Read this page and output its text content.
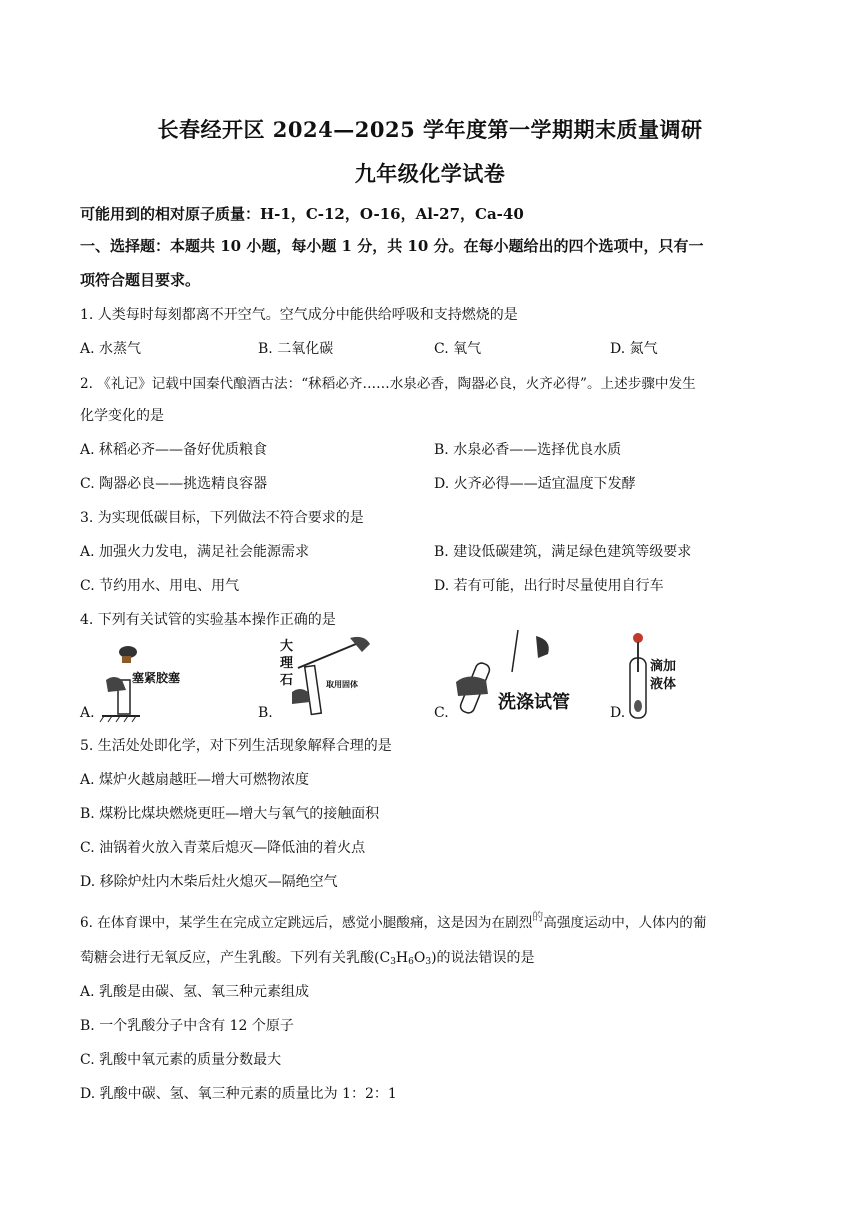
长春经开区 2024—2025 学年度第一学期期末质量调研
九年级化学试卷
可能用到的相对原子质量：H-1，C-12，O-16，Al-27，Ca-40
一、选择题：本题共 10 小题，每小题 1 分，共 10 分。在每小题给出的四个选项中，只有一
项符合题目要求。
1. 人类每时每刻都离不开空气。空气成分中能供给呼吸和支持燃烧的是
A. 水蒸气	B. 二氧化碳	C. 氧气	D. 氮气
2. 《礼记》记载中国秦代酿酒古法：“秫稻必齐……水泉必香，陶器必良，火齐必得”。上述步骤中发生
化学变化的是
A. 秫稻必齐——备好优质粮食	B. 水泉必香——选择优良水质
C. 陶器必良——挑选精良容器	D. 火齐必得——适宜温度下发酵
3. 为实现低碳目标，下列做法不符合要求的是
A. 加强火力发电，满足社会能源需求	B. 建设低碳建筑，满足绿色建筑等级要求
C. 节约用水、用电、用气	D. 若有可能，出行时尽量使用自行车
4. 下列有关试管的实验基本操作正确的是
A.	B.	C.	D.
塞紧胶塞
大
理
石	取用固体
洗涤试管
滴加
液体
5. 生活处处即化学，对下列生活现象解释合理的是
A. 煤炉火越扇越旺—增大可燃物浓度
B. 煤粉比煤块燃烧更旺—增大与氧气的接触面积
C. 油锅着火放入青菜后熄灭—降低油的着火点
D. 移除炉灶内木柴后灶火熄灭—隔绝空气
6. 在体育课中，某学生在完成立定跳远后，感觉小腿酸痛，这是因为在剧烈$^的$高强度运动中，人体内的葡
萄糖会进行无氧反应，产生乳酸。下列有关乳酸$(C_3H_6O_3)$的说法错误的是
A. 乳酸是由碳、氢、氧三种元素组成
B. 一个乳酸分子中含有 12 个原子
C. 乳酸中氧元素的质量分数最大
D. 乳酸中碳、氢、氧三种元素的质量比为 1：2：1
